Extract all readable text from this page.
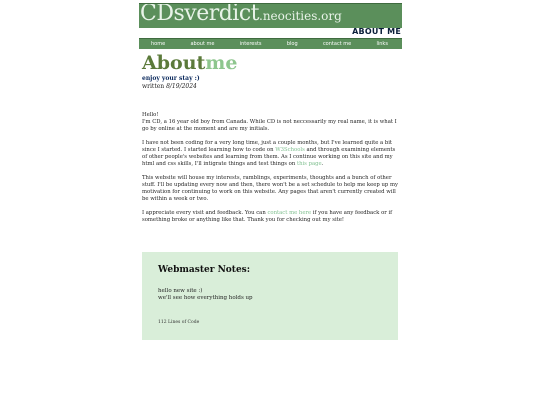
CDsverdict.neocities.org
ABOUT ME
home	about me	interests	blog	contact me	links
Aboutme
enjoy your stay :)
written 8/19/2024

Hello!
I'm CD, a 16 year old boy from Canada. While CD is not neccessarily my real name, it is what I go by online at the moment and are my initials.

I have not been coding for a very long time, just a couple months, but I've learned quite a bit since I started. I started learning how to code on W3Schools and through examining elements of other people's websites and learning from them. As I continue working on this site and my html and css skills, I'll intigrate things and test things on this page.

This website will house my interests, ramblings, experiments, thoughts and a bunch of other stuff. I'll be updating every now and then, there won't be a set schedule to help me keep up my motivation for continuing to work on this website. Any pages that aren't currently created will be within a week or two.

I appreciate every visit and feedback. You can contact me here if you have any feedback or if something broke or anything like that. Thank you for checking out my site!

Webmaster Notes:
hello new site :)
we'll see how everything holds up
112 Lines of Code
